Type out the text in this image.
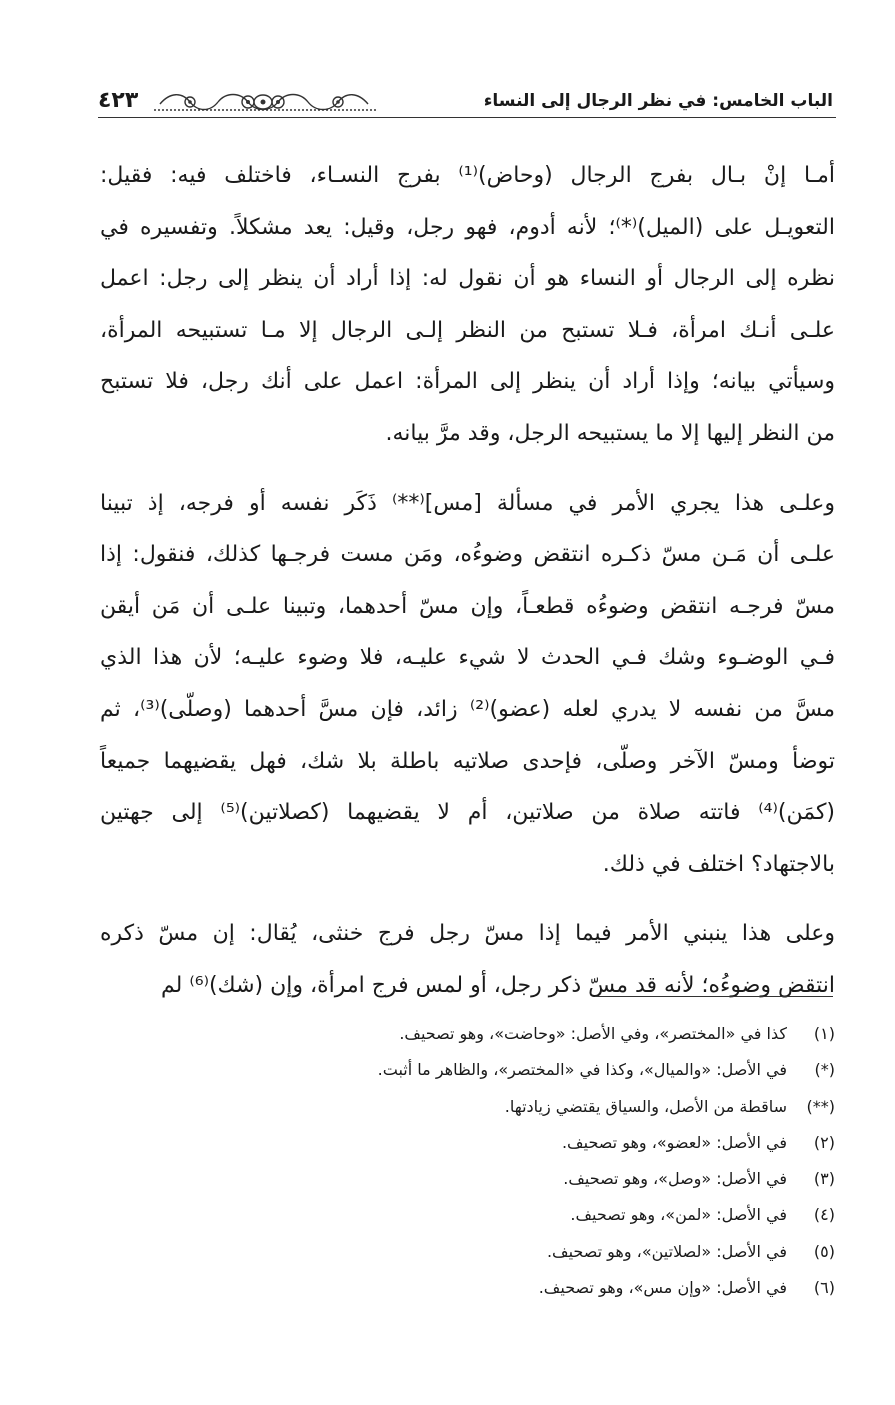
الباب الخامس: في نظر الرجال إلى النساء
٤٢٣

أمـا إنْ بـال بفرج الرجال (وحاض)⁽¹⁾ بفرج النسـاء، فاختلف فيه: فقيل:
التعويـل على (الميل)⁽*⁾؛ لأنه أدوم، فهو رجل، وقيل: يعد مشكلاً. وتفسيره في
نظره إلى الرجال أو النساء هو أن نقول له: إذا أراد أن ينظر إلى رجل: اعمل
علـى أنـك امرأة، فـلا تستبح من النظر إلـى الرجال إلا مـا تستبيحه المرأة،
وسيأتي بيانه؛ وإذا أراد أن ينظر إلى المرأة: اعمل على أنك رجل، فلا تستبح
من النظر إليها إلا ما يستبيحه الرجل، وقد مرَّ بيانه.

وعلـى هذا يجري الأمر في مسألة [مس]⁽**⁾ ذَكَر نفسه أو فرجه، إذ تبينا
علـى أن مَـن مسّ ذكـره انتقض وضوءُه، ومَن مست فرجـها كذلك، فنقول: إذا
مسّ فرجـه انتقض وضوءُه قطعـاً، وإن مسّ أحدهما، وتبينا علـى أن مَن أيقن
فـي الوضـوء وشك فـي الحدث لا شيء عليـه، فلا وضوء عليـه؛ لأن هذا الذي
مسَّ من نفسه لا يدري لعله (عضو)⁽²⁾ زائد، فإن مسَّ أحدهما (وصلّى)⁽³⁾، ثم
توضأ ومسّ الآخر وصلّى، فإحدى صلاتيه باطلة بلا شك، فهل يقضيهما جميعاً
(كمَن)⁽⁴⁾ فاتته صلاة من صلاتين، أم لا يقضيهما (كصلاتين)⁽⁵⁾ إلى جهتين
بالاجتهاد؟ اختلف في ذلك.

وعلى هذا ينبني الأمر فيما إذا مسّ رجل فرج خنثى، يُقال: إن مسّ ذكره
انتقض وضوءُه؛ لأنه قد مسّ ذكر رجل، أو لمس فرج امرأة، وإن (شك)⁽⁶⁾ لم

(١)كذا في «المختصر»، وفي الأصل: «وحاضت»، وهو تصحيف.
(*)في الأصل: «والميال»، وكذا في «المختصر»، والظاهر ما أثبت.
(**)ساقطة من الأصل، والسياق يقتضي زيادتها.
(٢)في الأصل: «لعضو»، وهو تصحيف.
(٣)في الأصل: «وصل»، وهو تصحيف.
(٤)في الأصل: «لمن»، وهو تصحيف.
(٥)في الأصل: «لصلاتين»، وهو تصحيف.
(٦)في الأصل: «وإن مس»، وهو تصحيف.
